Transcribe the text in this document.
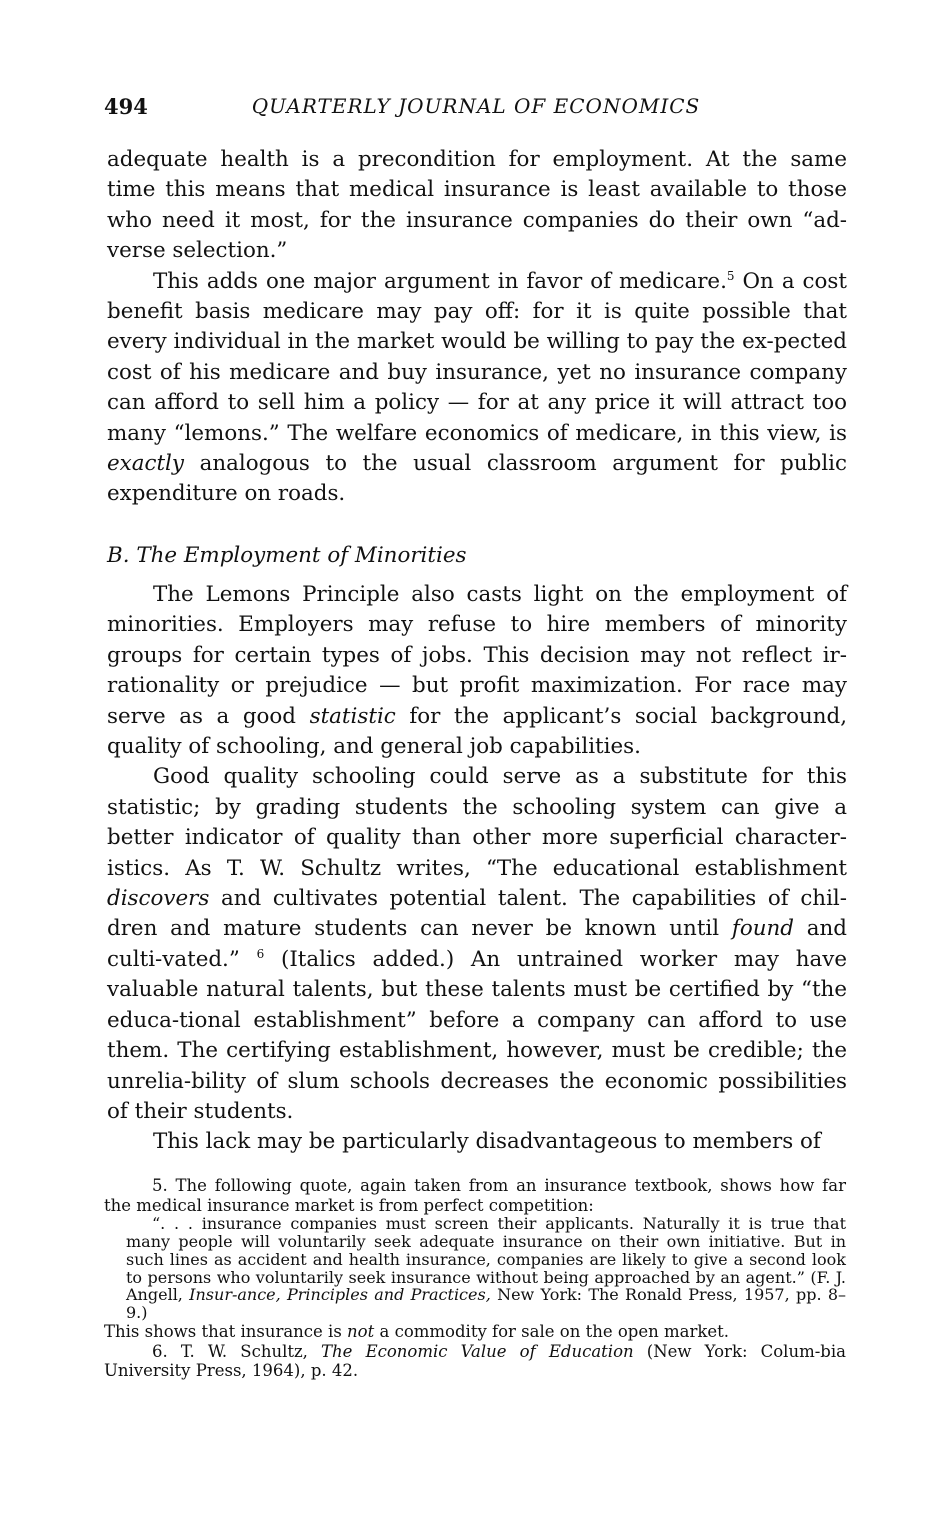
494	QUARTERLY JOURNAL OF ECONOMICS

adequate health is a precondition for employment. At the same time this means that medical insurance is least available to those who need it most, for the insurance companies do their own “ad-verse selection.”

This adds one major argument in favor of medicare.$^5$ On a cost benefit basis medicare may pay off: for it is quite possible that every individual in the market would be willing to pay the ex-pected cost of his medicare and buy insurance, yet no insurance company can afford to sell him a policy — for at any price it will attract too many “lemons.” The welfare economics of medicare, in this view, is exactly analogous to the usual classroom argument for public expenditure on roads.

B. The Employment of Minorities

The Lemons Principle also casts light on the employment of minorities. Employers may refuse to hire members of minority groups for certain types of jobs. This decision may not reflect ir-rationality or prejudice — but profit maximization. For race may serve as a good statistic for the applicant’s social background, quality of schooling, and general job capabilities.

Good quality schooling could serve as a substitute for this statistic; by grading students the schooling system can give a better indicator of quality than other more superficial character-istics. As T. W. Schultz writes, “The educational establishment discovers and cultivates potential talent. The capabilities of chil-dren and mature students can never be known until found and culti-vated.” $^6$ (Italics added.) An untrained worker may have valuable natural talents, but these talents must be certified by “the educa-tional establishment” before a company can afford to use them. The certifying establishment, however, must be credible; the unrelia-bility of slum schools decreases the economic possibilities of their students.

This lack may be particularly disadvantageous to members of

5. The following quote, again taken from an insurance textbook, shows how far the medical insurance market is from perfect competition:

“. . . insurance companies must screen their applicants. Naturally it is true that many people will voluntarily seek adequate insurance on their own initiative. But in such lines as accident and health insurance, companies are likely to give a second look to persons who voluntarily seek insurance without being approached by an agent.” (F. J. Angell, Insur-ance, Principles and Practices, New York: The Ronald Press, 1957, pp. 8–9.)

This shows that insurance is not a commodity for sale on the open market.

6. T. W. Schultz, The Economic Value of Education (New York: Colum-bia University Press, 1964), p. 42.
